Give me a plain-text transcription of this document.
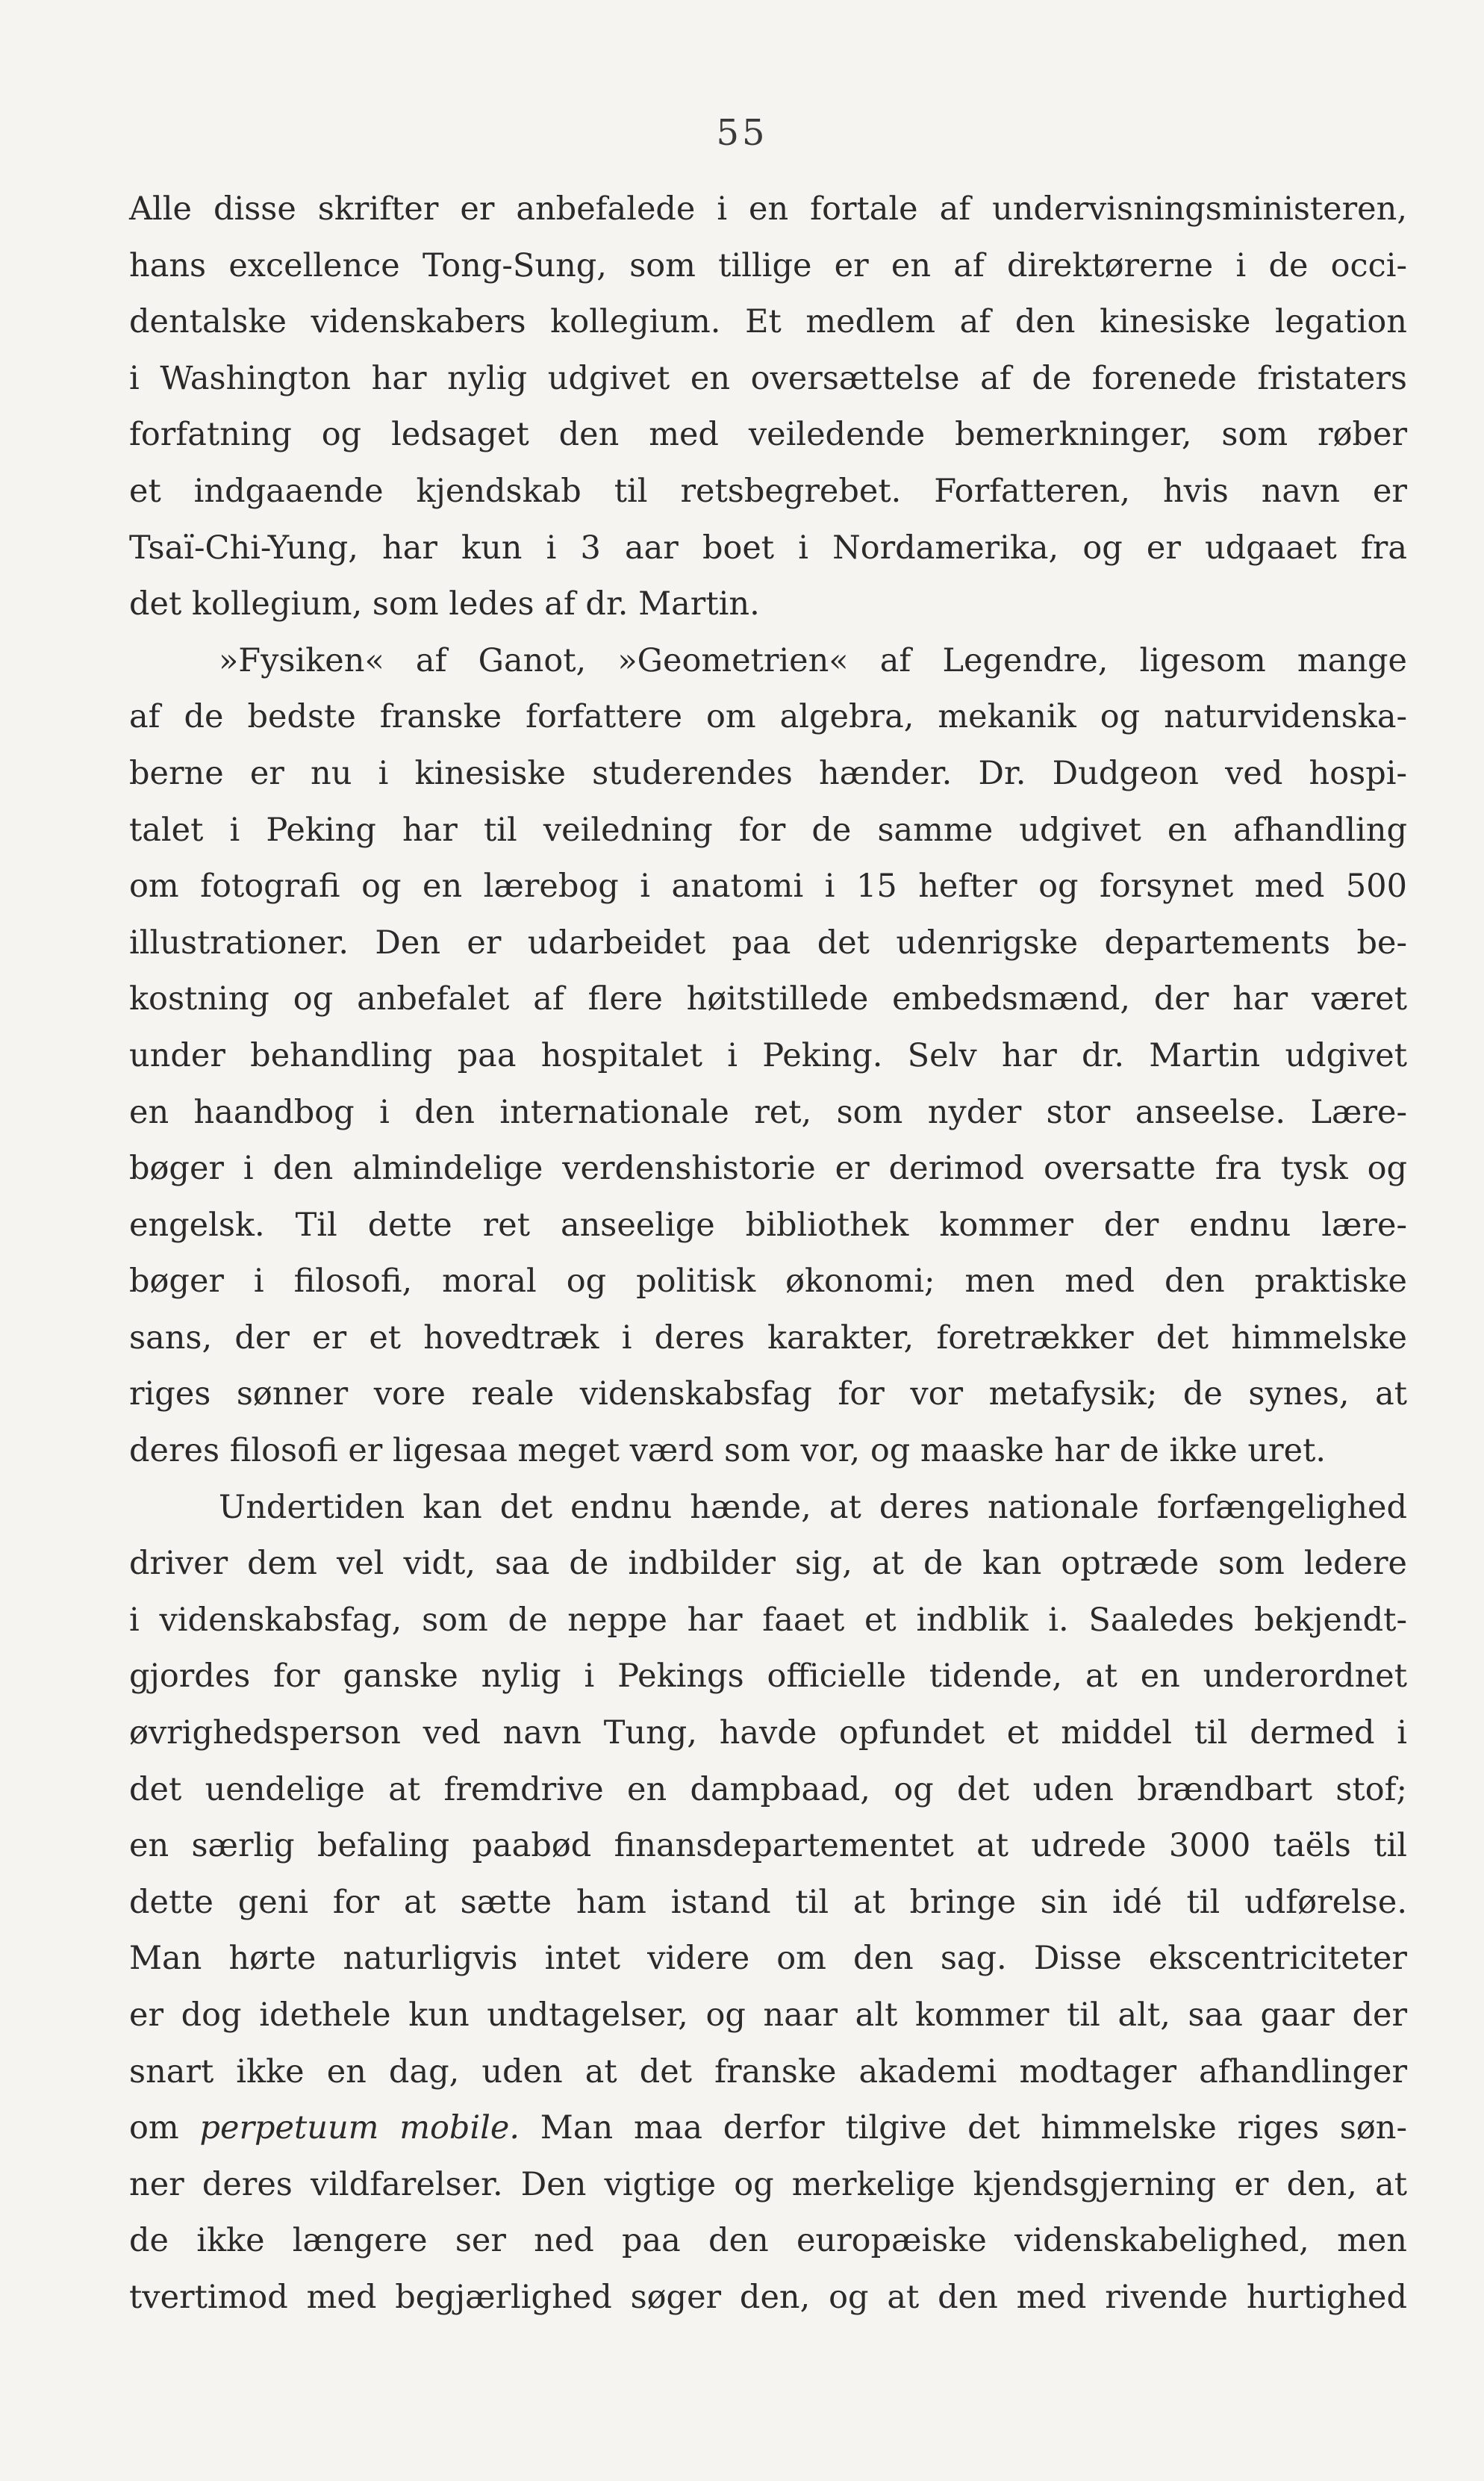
55
Alle disse skrifter er anbefalede i en fortale af undervisningsministeren,
hans excellence Tong-Sung, som tillige er en af direktørerne i de occi-
dentalske videnskabers kollegium. Et medlem af den kinesiske legation
i Washington har nylig udgivet en oversættelse af de forenede fristaters
forfatning og ledsaget den med veiledende bemerkninger, som røber
et indgaaende kjendskab til retsbegrebet. Forfatteren, hvis navn er
Tsaï-Chi-Yung, har kun i 3 aar boet i Nordamerika, og er udgaaet fra
det kollegium, som ledes af dr. Martin.
»Fysiken« af Ganot, »Geometrien« af Legendre, ligesom mange
af de bedste franske forfattere om algebra, mekanik og naturvidenska-
berne er nu i kinesiske studerendes hænder. Dr. Dudgeon ved hospi-
talet i Peking har til veiledning for de samme udgivet en afhandling
om fotografi og en lærebog i anatomi i 15 hefter og forsynet med 500
illustrationer. Den er udarbeidet paa det udenrigske departements be-
kostning og anbefalet af flere høitstillede embedsmænd, der har været
under behandling paa hospitalet i Peking. Selv har dr. Martin udgivet
en haandbog i den internationale ret, som nyder stor anseelse. Lære-
bøger i den almindelige verdenshistorie er derimod oversatte fra tysk og
engelsk. Til dette ret anseelige bibliothek kommer der endnu lære-
bøger i filosofi, moral og politisk økonomi; men med den praktiske
sans, der er et hovedtræk i deres karakter, foretrækker det himmelske
riges sønner vore reale videnskabsfag for vor metafysik; de synes, at
deres filosofi er ligesaa meget værd som vor, og maaske har de ikke uret.
Undertiden kan det endnu hænde, at deres nationale forfængelighed
driver dem vel vidt, saa de indbilder sig, at de kan optræde som ledere
i videnskabsfag, som de neppe har faaet et indblik i. Saaledes bekjendt-
gjordes for ganske nylig i Pekings officielle tidende, at en underordnet
øvrighedsperson ved navn Tung, havde opfundet et middel til dermed i
det uendelige at fremdrive en dampbaad, og det uden brændbart stof;
en særlig befaling paabød finansdepartementet at udrede 3000 taëls til
dette geni for at sætte ham istand til at bringe sin idé til udførelse.
Man hørte naturligvis intet videre om den sag. Disse ekscentriciteter
er dog idethele kun undtagelser, og naar alt kommer til alt, saa gaar der
snart ikke en dag, uden at det franske akademi modtager afhandlinger
om perpetuum mobile. Man maa derfor tilgive det himmelske riges søn-
ner deres vildfarelser. Den vigtige og merkelige kjendsgjerning er den, at
de ikke længere ser ned paa den europæiske videnskabelighed, men
tvertimod med begjærlighed søger den, og at den med rivende hurtighed
